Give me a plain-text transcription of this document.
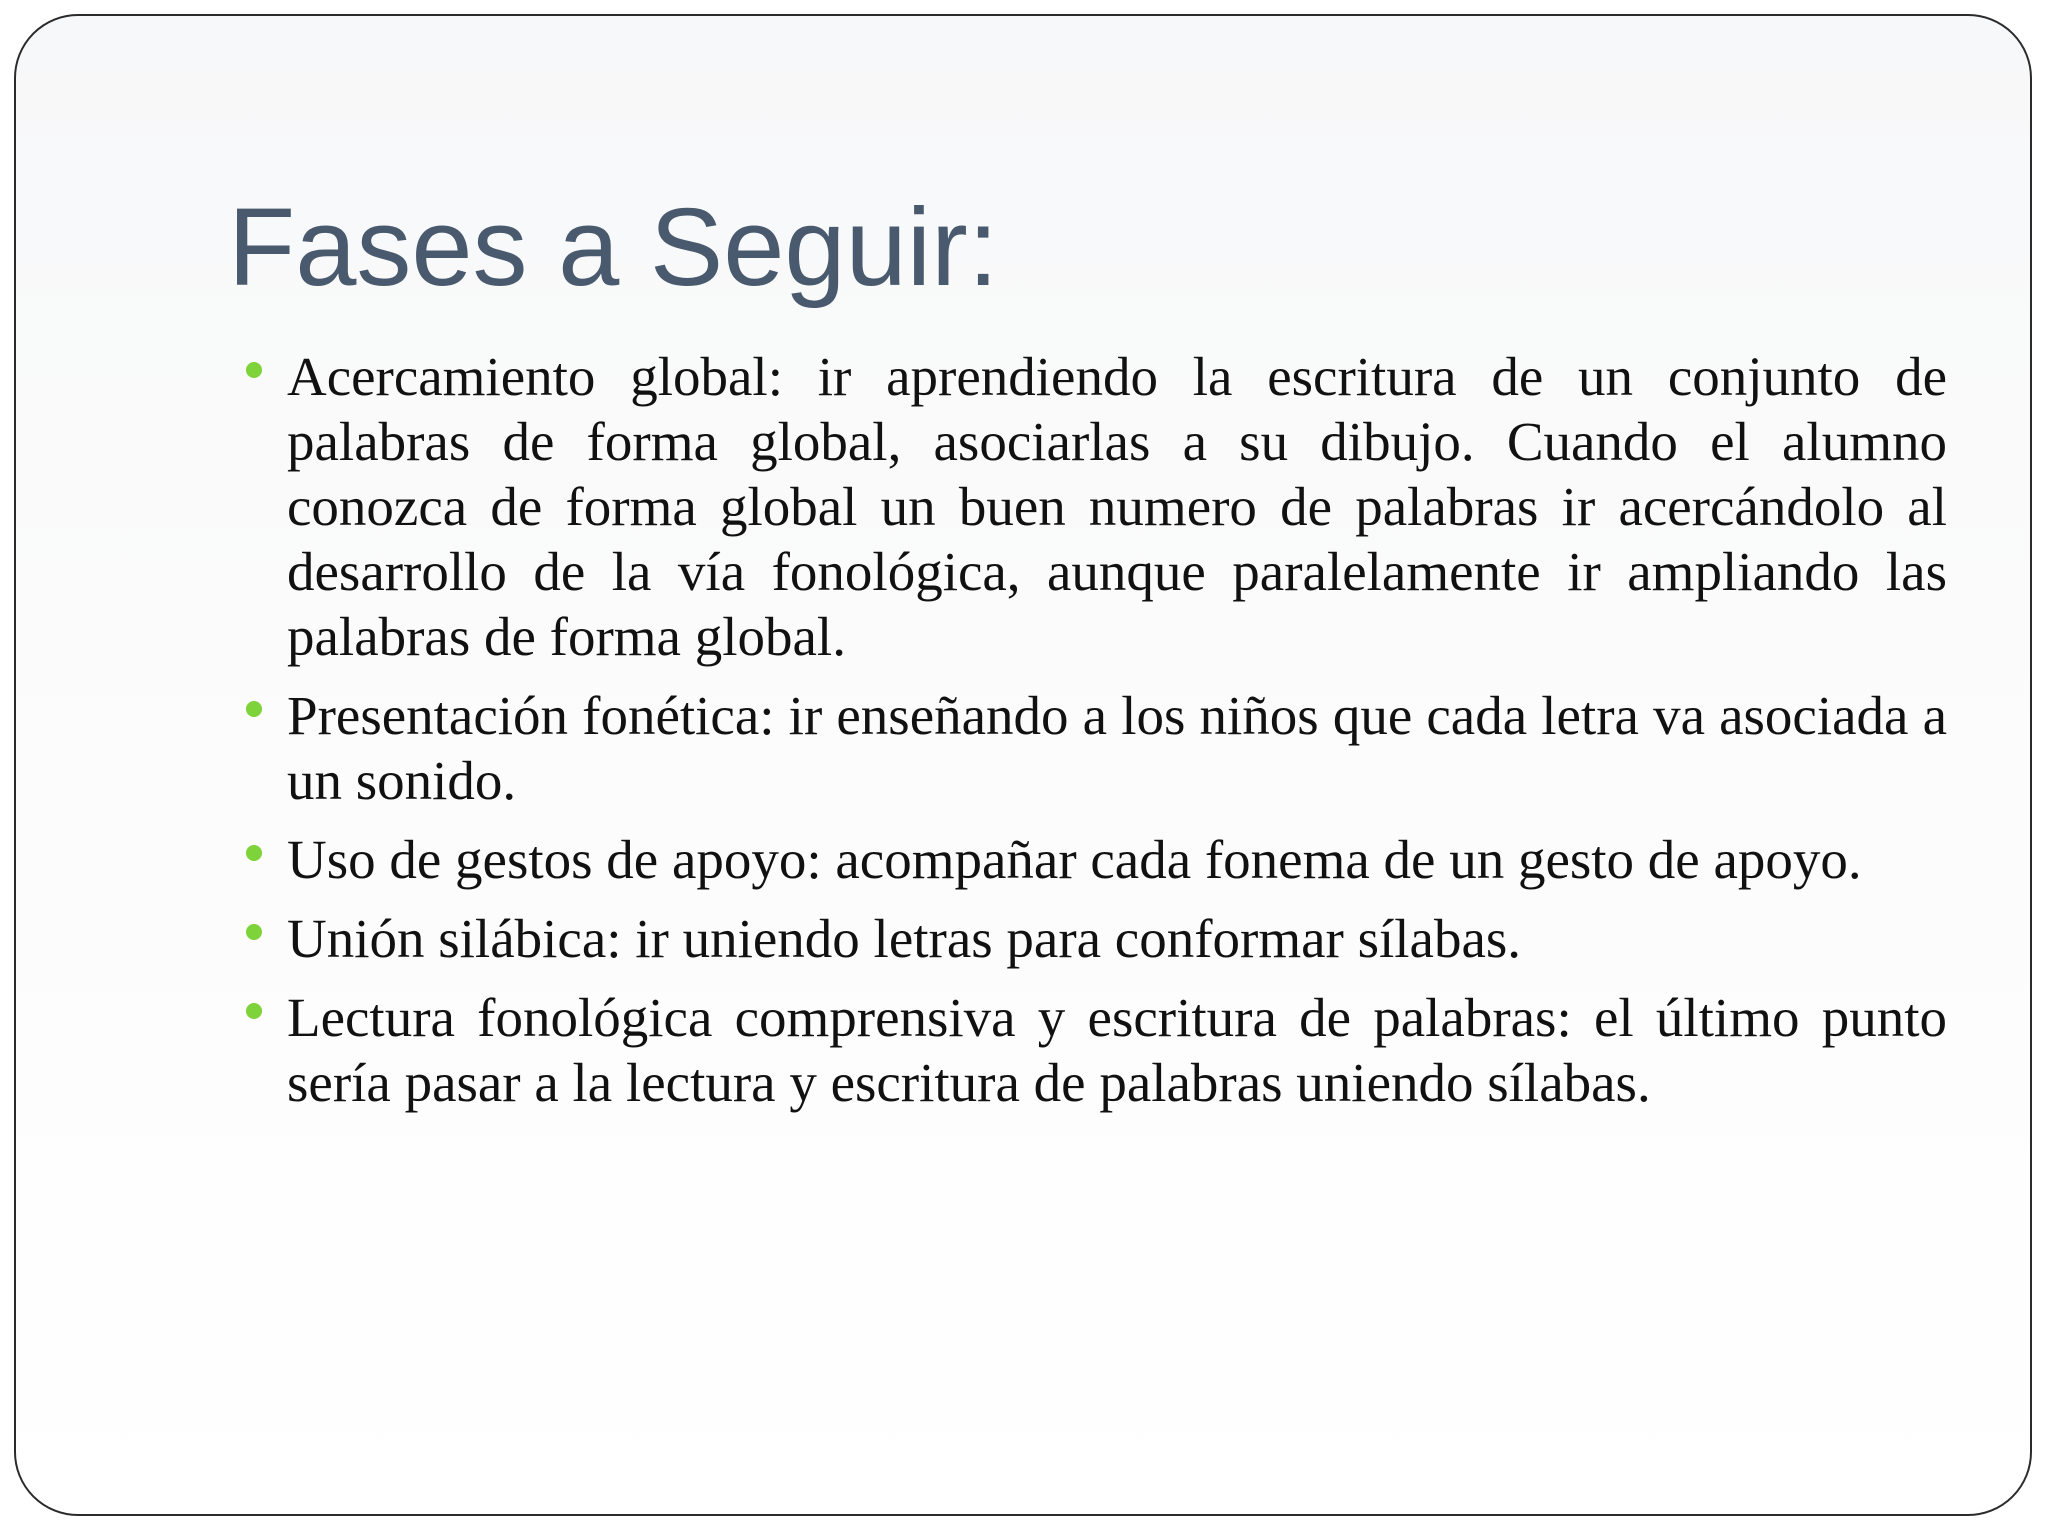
Fases a Seguir:
Acercamiento global: ir aprendiendo la escritura de un conjunto de palabras de forma global, asociarlas a su dibujo. Cuando el alumno conozca de forma global un buen numero de palabras ir acercándolo al desarrollo de la vía fonológica, aunque paralelamente ir ampliando las palabras de forma global.
Presentación fonética: ir enseñando a los niños que cada letra va asociada a un sonido.
Uso de gestos de apoyo: acompañar cada fonema de un gesto de apoyo.
Unión silábica: ir uniendo letras para conformar sílabas.
Lectura fonológica comprensiva y escritura de palabras: el último punto sería pasar a la lectura y escritura de palabras uniendo sílabas.
